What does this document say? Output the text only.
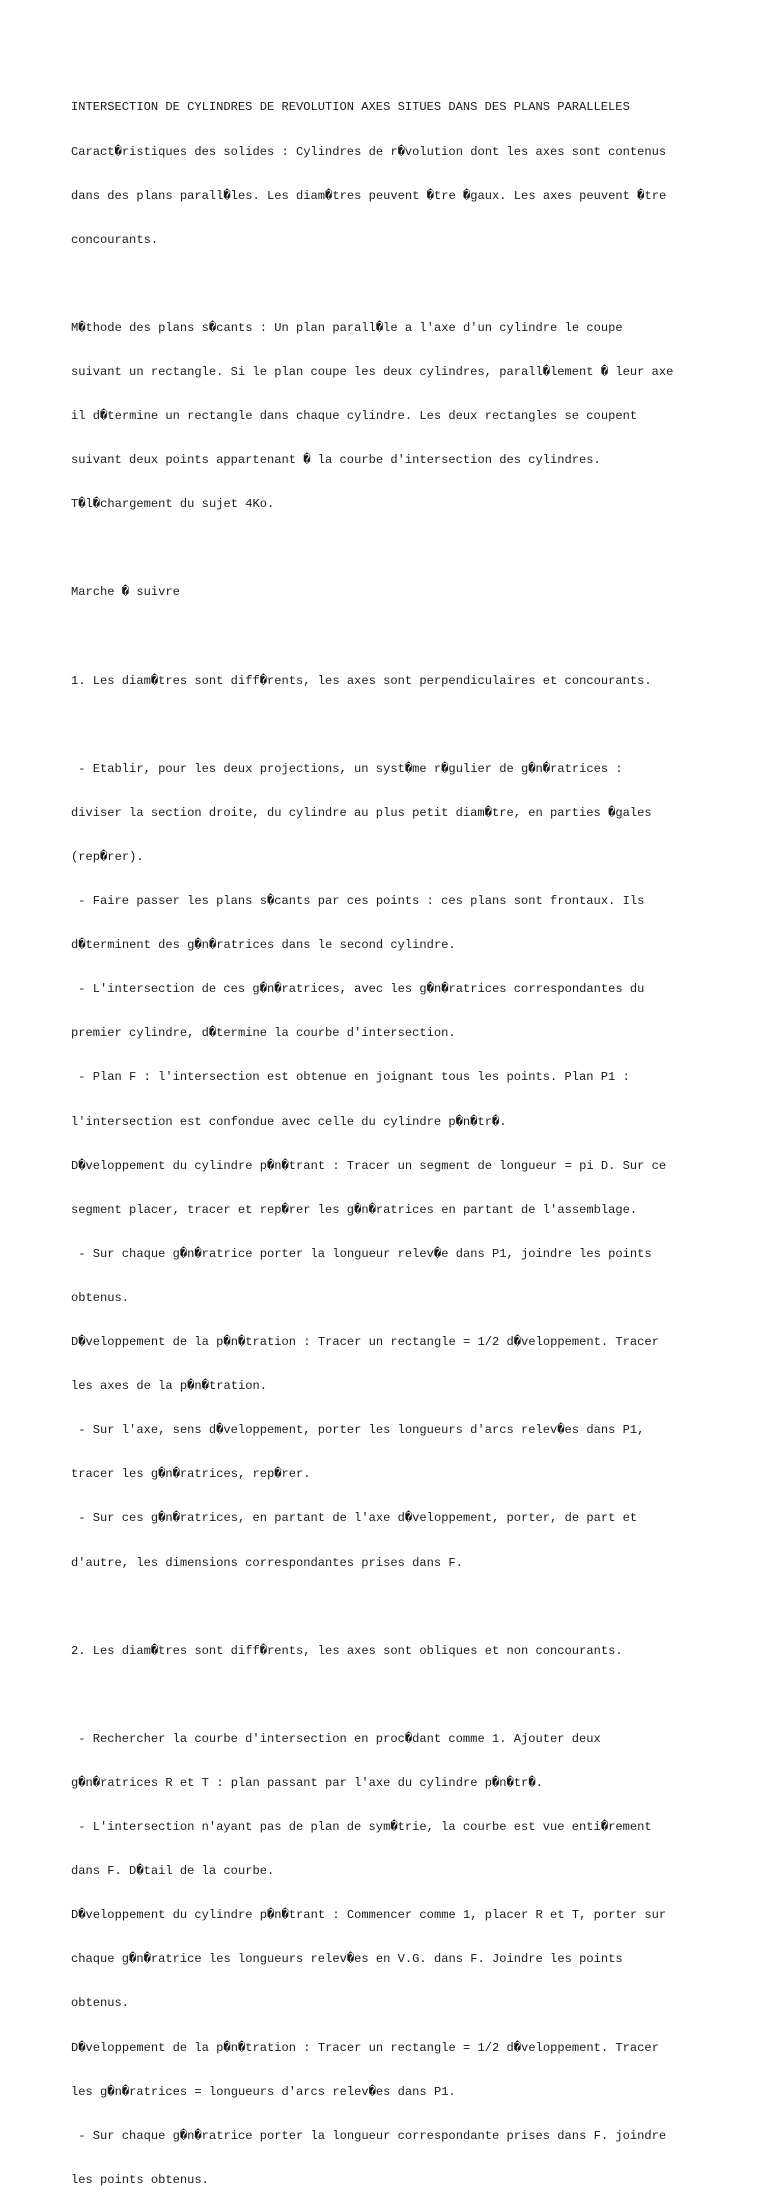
INTERSECTION DE CYLINDRES DE REVOLUTION AXES SITUES DANS DES PLANS PARALLELES

Caract�ristiques des solides : Cylindres de r�volution dont les axes sont contenus

dans des plans parall�les. Les diam�tres peuvent �tre �gaux. Les axes peuvent �tre

concourants.

M�thode des plans s�cants : Un plan parall�le a l'axe d'un cylindre le coupe

suivant un rectangle. Si le plan coupe les deux cylindres, parall�lement � leur axe

il d�termine un rectangle dans chaque cylindre. Les deux rectangles se coupent

suivant deux points appartenant � la courbe d'intersection des cylindres.

T�l�chargement du sujet 4Ko.

Marche � suivre

1. Les diam�tres sont diff�rents, les axes sont perpendiculaires et concourants.

- Etablir, pour les deux projections, un syst�me r�gulier de g�n�ratrices :

diviser la section droite, du cylindre au plus petit diam�tre, en parties �gales

(rep�rer).

- Faire passer les plans s�cants par ces points : ces plans sont frontaux. Ils

d�terminent des g�n�ratrices dans le second cylindre.

- L'intersection de ces g�n�ratrices, avec les g�n�ratrices correspondantes du

premier cylindre, d�termine la courbe d'intersection.

- Plan F : l'intersection est obtenue en joignant tous les points. Plan P1 :

l'intersection est confondue avec celle du cylindre p�n�tr�.

D�veloppement du cylindre p�n�trant : Tracer un segment de longueur = pi D. Sur ce

segment placer, tracer et rep�rer les g�n�ratrices en partant de l'assemblage.

- Sur chaque g�n�ratrice porter la longueur relev�e dans P1, joindre les points

obtenus.

D�veloppement de la p�n�tration : Tracer un rectangle = 1/2 d�veloppement. Tracer

les axes de la p�n�tration.

- Sur l'axe, sens d�veloppement, porter les longueurs d'arcs relev�es dans P1,

tracer les g�n�ratrices, rep�rer.

- Sur ces g�n�ratrices, en partant de l'axe d�veloppement, porter, de part et

d'autre, les dimensions correspondantes prises dans F.

2. Les diam�tres sont diff�rents, les axes sont obliques et non concourants.

- Rechercher la courbe d'intersection en proc�dant comme 1. Ajouter deux

g�n�ratrices R et T : plan passant par l'axe du cylindre p�n�tr�.

- L'intersection n'ayant pas de plan de sym�trie, la courbe est vue enti�rement

dans F. D�tail de la courbe.

D�veloppement du cylindre p�n�trant : Commencer comme 1, placer R et T, porter sur

chaque g�n�ratrice les longueurs relev�es en V.G. dans F. Joindre les points

obtenus.

D�veloppement de la p�n�tration : Tracer un rectangle = 1/2 d�veloppement. Tracer

les g�n�ratrices = longueurs d'arcs relev�es dans P1.

- Sur chaque g�n�ratrice porter la longueur correspondante prises dans F. joindre

les points obtenus.
